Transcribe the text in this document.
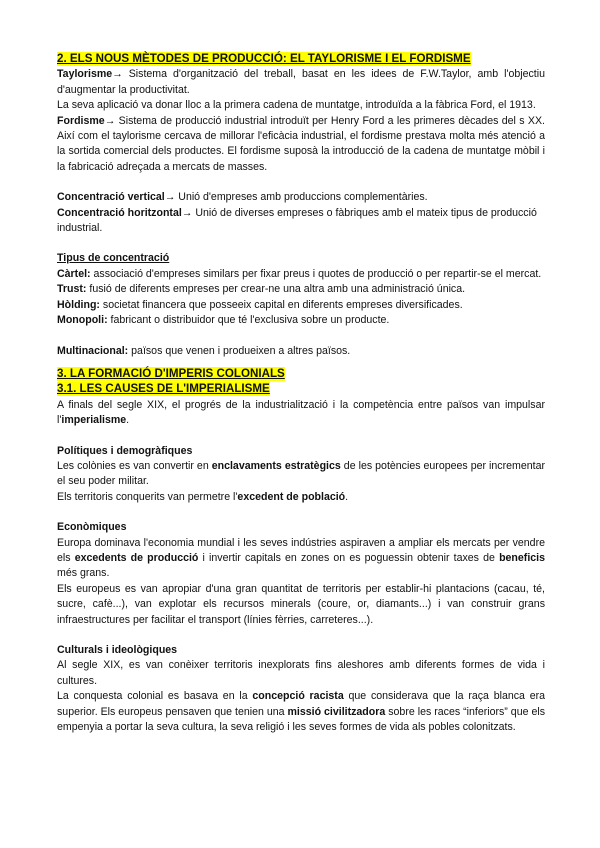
2. ELS NOUS MÈTODES DE PRODUCCIÓ: EL TAYLORISME I EL FORDISME

Taylorisme→ Sistema d'organització del treball, basat en les idees de F.W.Taylor, amb l'objectiu d'augmentar la productivitat.

La seva aplicació va donar lloc a la primera cadena de muntatge, introduïda a la fàbrica Ford, el 1913.

Fordisme→ Sistema de producció industrial introduït per Henry Ford a les primeres dècades del s XX. Així com el taylorisme cercava de millorar l'eficàcia industrial, el fordisme prestava molta més atenció a la sortida comercial dels productes. El fordisme suposà la introducció de la cadena de muntatge mòbil i la fabricació adreçada a mercats de masses.

Concentració vertical→ Unió d'empreses amb produccions complementàries.

Concentració horitzontal→ Unió de diverses empreses o fàbriques amb el mateix tipus de producció industrial.

Tipus de concentració

Càrtel: associació d'empreses similars per fixar preus i quotes de producció o per repartir-se el mercat.

Trust: fusió de diferents empreses per crear-ne una altra amb una administració única.

Hòlding: societat financera que posseeix capital en diferents empreses diversificades.

Monopoli: fabricant o distribuidor que té l'exclusiva sobre un producte.

Multinacional: països que venen i produeixen a altres països.

3. LA FORMACIÓ D'IMPERIS COLONIALS
3.1. LES CAUSES DE L'IMPERIALISME

A finals del segle XIX, el progrés de la industrialització i la competència entre països van impulsar l'imperialisme.

Polítiques i demogràfiques

Les colònies es van convertir en enclavaments estratègics de les potències europees per incrementar el seu poder militar.

Els territoris conquerits van permetre l'excedent de població.

Econòmiques

Europa dominava l'economia mundial i les seves indústries aspiraven a ampliar els mercats per vendre els excedents de producció i invertir capitals en zones on es poguessin obtenir taxes de beneficis més grans.

Els europeus es van apropiar d'una gran quantitat de territoris per establir-hi plantacions (cacau, té, sucre, cafè...), van explotar els recursos minerals (coure, or, diamants...) i van construir grans infraestructures per facilitar el transport (línies fèrries, carreteres...).

Culturals i ideològiques

Al segle XIX, es van conèixer territoris inexplorats fins aleshores amb diferents formes de vida i cultures.

La conquesta colonial es basava en la concepció racista que considerava que la raça blanca era superior. Els europeus pensaven que tenien una missió civilitzadora sobre les races “inferiors” que els empenyia a portar la seva cultura, la seva religió i les seves formes de vida als pobles colonitzats.
